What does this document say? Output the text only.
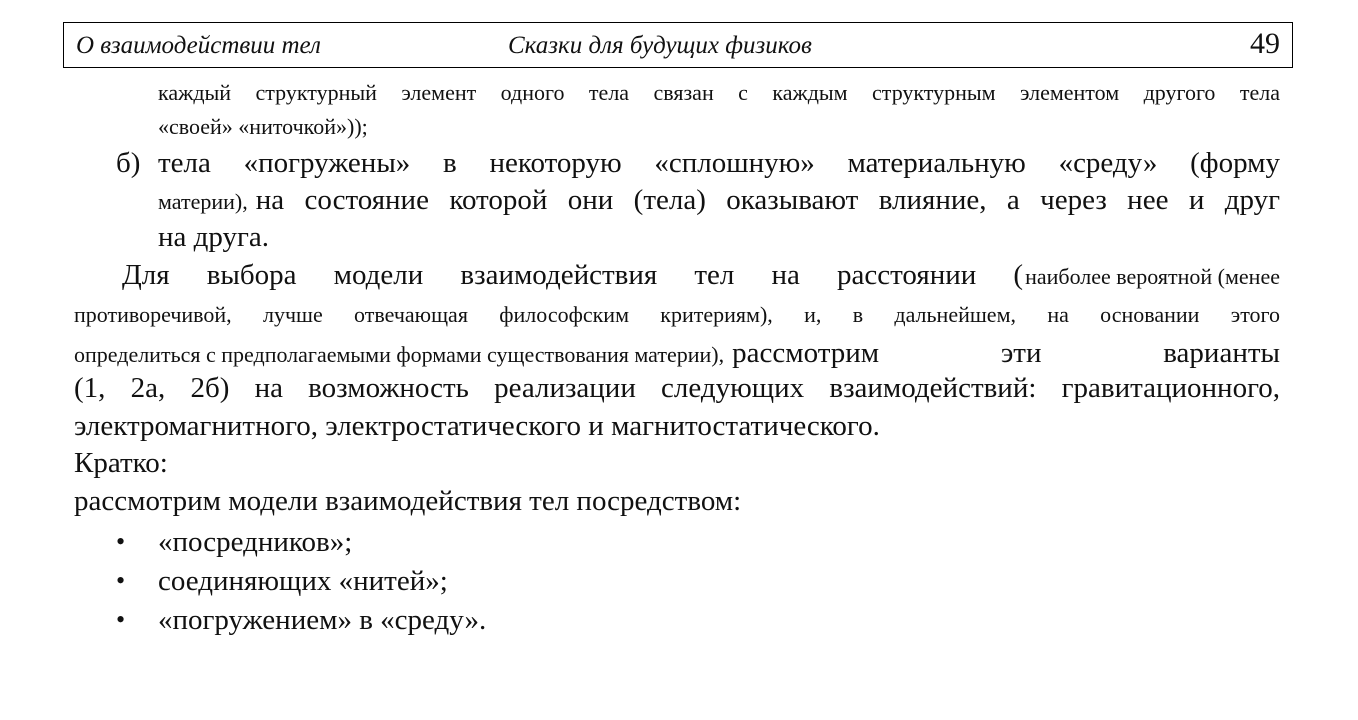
О взаимодействии тел	Сказки для будущих физиков	49
каждый структурный элемент одного тела связан с каждым структурным элементом другого тела
«своей» «ниточкой»));
б) тела «погружены» в некоторую «сплошную» материальную «среду» (форму
материи), на состояние которой они (тела) оказывают влияние, а через нее и друг
на друга.
Для выбора модели взаимодействия тел на расстоянии ( наиболее вероятной (менее
противоречивой, лучше отвечающая философским критериям), и, в дальнейшем, на основании этого
определиться с предполагаемыми формами существования материи), рассмотрим эти варианты
(1, 2а, 2б) на возможность реализации следующих взаимодействий: гравитационного,
электромагнитного, электростатического и магнитостатического.
Кратко:
рассмотрим модели взаимодействия тел посредством:
• «посредников»;
• соединяющих «нитей»;
• «погружением» в «среду».
